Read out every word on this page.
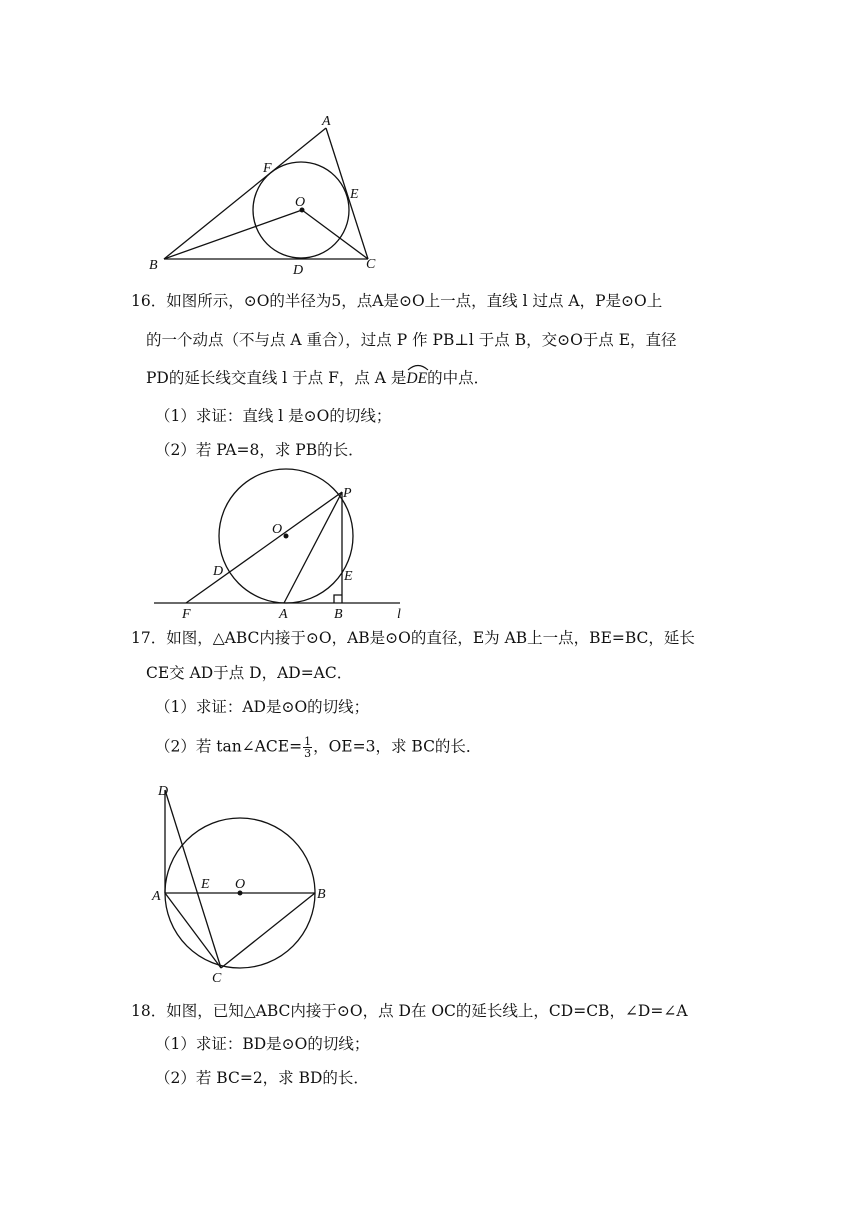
A
F
E
O
B	D	C
16．如图所示，⊙O的半径为5，点A是⊙O上一点，直线 l 过点 A，P是⊙O上
的一个动点（不与点 A 重合），过点 P 作 PB⊥l 于点 B，交⊙O于点 E，直径
PD的延长线交直线 l 于点 F，点 A 是
DE的中点．
（1）求证：直线 l 是⊙O的切线；
（2）若 PA=8，求 PB的长．
P
O
D	E
F	A	B	l
17．如图，△ABC内接于⊙O，AB是⊙O的直径，E为 AB上一点，BE=BC，延长
CE交 AD于点 D，AD=AC．
（1）求证：AD是⊙O的切线；
（2）若 tan∠ACE= $\frac{1}{3}$ ，OE=3，求 BC的长．
D
A
E O
B
C
18．如图，已知△ABC内接于⊙O，点 D在 OC的延长线上，CD=CB，∠D=∠A
（1）求证：BD是⊙O的切线；
（2）若 BC=2，求 BD的长．
